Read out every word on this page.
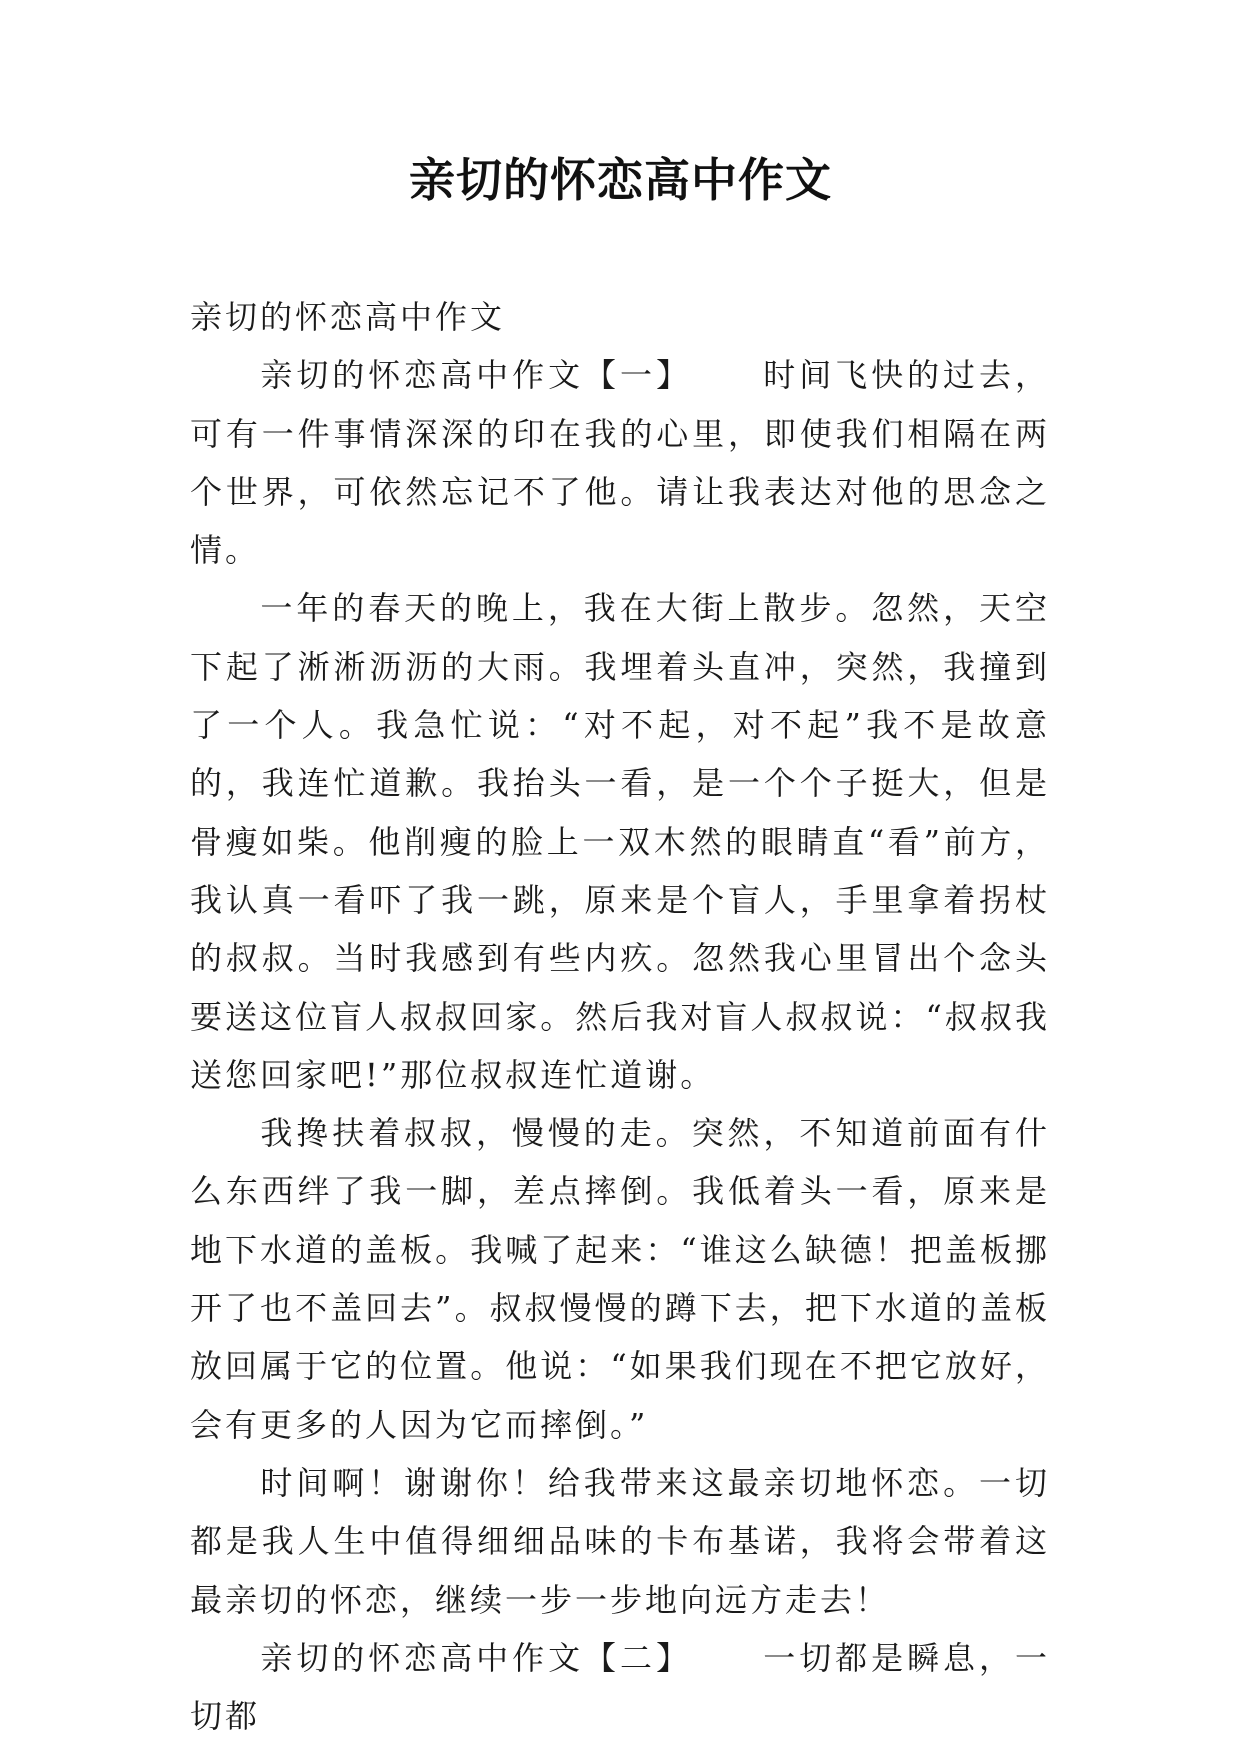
亲切的怀恋高中作文

亲切的怀恋高中作文

亲切的怀恋高中作文【一】 时间飞快的过去，可有一件事情深深的印在我的心里，即使我们相隔在两个世界，可依然忘记不了他。请让我表达对他的思念之情。

一年的春天的晚上，我在大街上散步。忽然，天空下起了淅淅沥沥的大雨。我埋着头直冲，突然，我撞到了一个人。我急忙说：“对不起，对不起”我不是故意的，我连忙道歉。我抬头一看，是一个个子挺大，但是骨瘦如柴。他削瘦的脸上一双木然的眼睛直“看”前方，我认真一看吓了我一跳，原来是个盲人，手里拿着拐杖的叔叔。当时我感到有些内疚。忽然我心里冒出个念头要送这位盲人叔叔回家。然后我对盲人叔叔说：“叔叔我送您回家吧!”那位叔叔连忙道谢。

我搀扶着叔叔，慢慢的走。突然，不知道前面有什么东西绊了我一脚，差点摔倒。我低着头一看，原来是地下水道的盖板。我喊了起来：“谁这么缺德！把盖板挪开了也不盖回去”。叔叔慢慢的蹲下去，把下水道的盖板放回属于它的位置。他说：“如果我们现在不把它放好，会有更多的人因为它而摔倒。”

时间啊！谢谢你！给我带来这最亲切地怀恋。一切都是我人生中值得细细品味的卡布基诺，我将会带着这最亲切的怀恋，继续一步一步地向远方走去！

亲切的怀恋高中作文【二】 一切都是瞬息，一切都
